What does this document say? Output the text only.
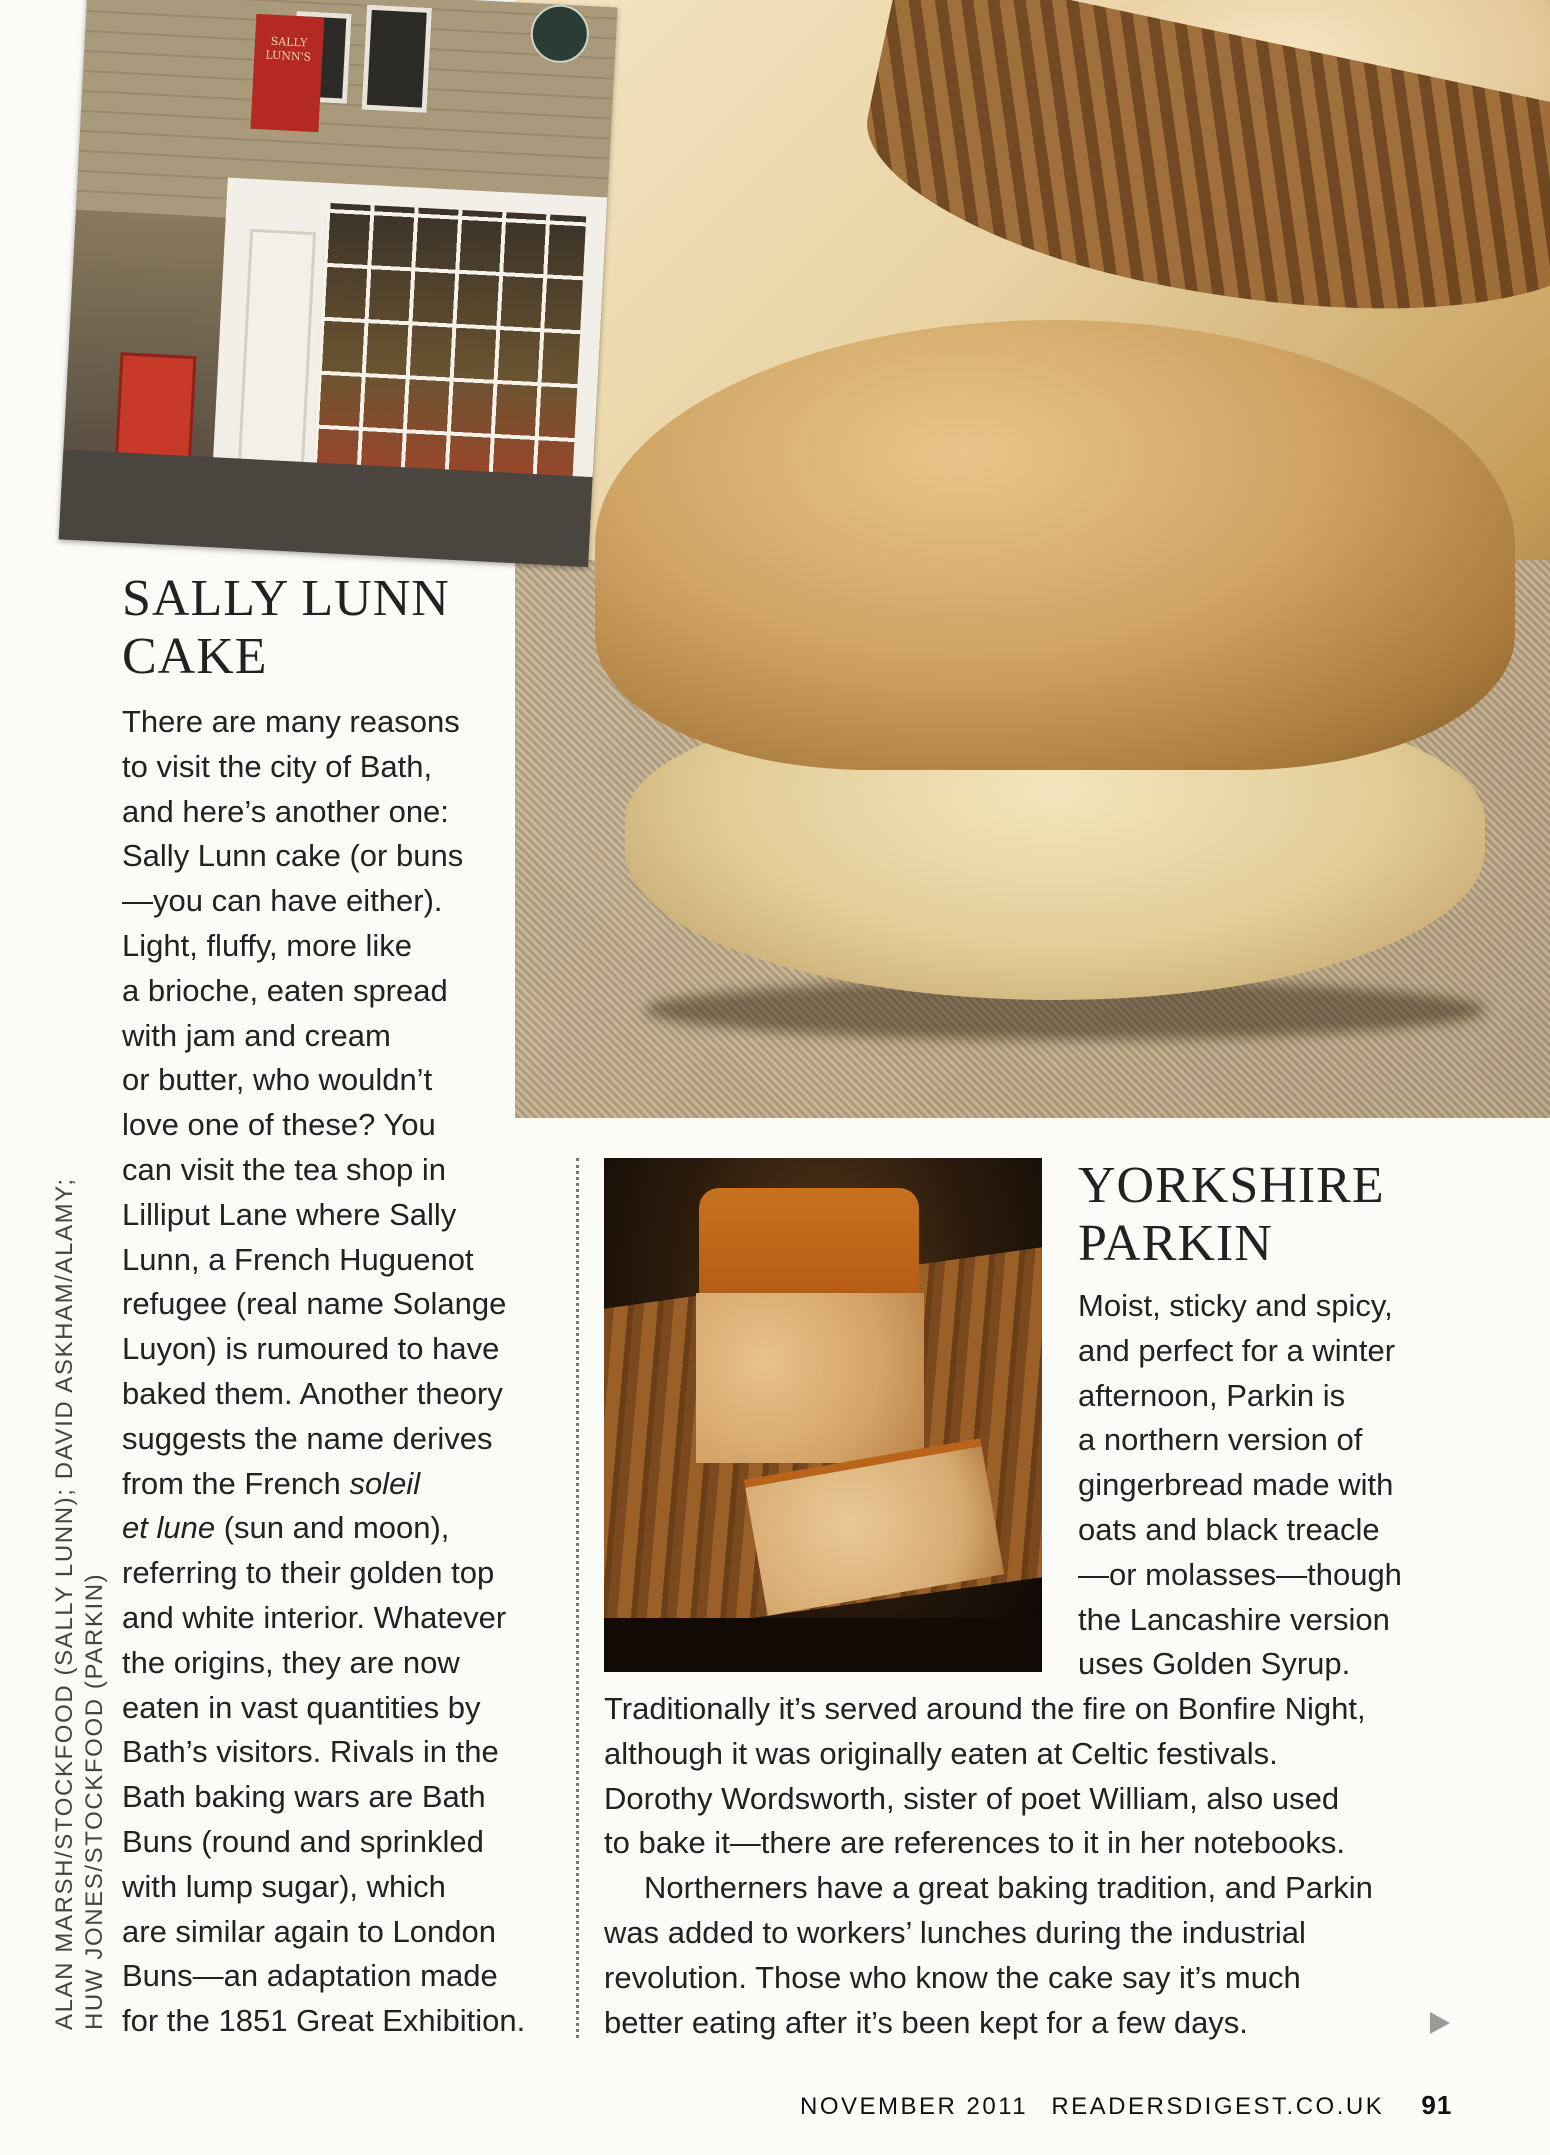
SALLY LUNN'S
ALAN MARSH/STOCKFOOD (SALLY LUNN); DAVID ASKHAM/ALAMY; HUW JONES/STOCKFOOD (PARKIN)
SALLY LUNN
CAKE
There are many reasons
to visit the city of Bath,
and here’s another one:
Sally Lunn cake (or buns
—you can have either).
Light, fluffy, more like
a brioche, eaten spread
with jam and cream
or butter, who wouldn’t
love one of these? You
can visit the tea shop in
Lilliput Lane where Sally
Lunn, a French Huguenot
refugee (real name Solange
Luyon) is rumoured to have
baked them. Another theory
suggests the name derives
from the French soleil
et lune (sun and moon),
referring to their golden top
and white interior. Whatever
the origins, they are now
eaten in vast quantities by
Bath’s visitors. Rivals in the
Bath baking wars are Bath
Buns (round and sprinkled
with lump sugar), which
are similar again to London
Buns—an adaptation made
for the 1851 Great Exhibition.
YORKSHIRE
PARKIN
Moist, sticky and spicy,
and perfect for a winter
afternoon, Parkin is
a northern version of
gingerbread made with
oats and black treacle
—or molasses—though
the Lancashire version
uses Golden Syrup.
Traditionally it’s served around the fire on Bonfire Night,
although it was originally eaten at Celtic festivals.
Dorothy Wordsworth, sister of poet William, also used
to bake it—there are references to it in her notebooks.
Northerners have a great baking tradition, and Parkin
was added to workers’ lunches during the industrial
revolution. Those who know the cake say it’s much
better eating after it’s been kept for a few days.
NOVEMBER 2011 READERSDIGEST.CO.UK 91
